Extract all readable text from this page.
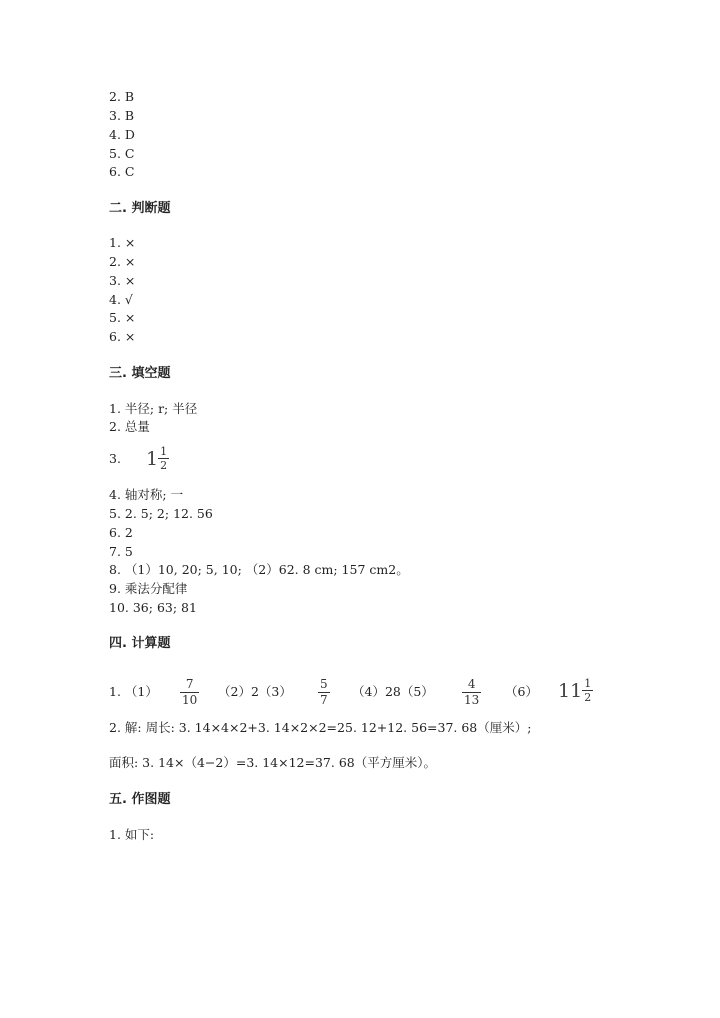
2. B
3. B
4. D
5. C
6. C
二. 判断题
1. ×
2. ×
3. ×
4. √
5. ×
6. ×
三. 填空题
1. 半径; r; 半径
2. 总量
3. $1 \frac{1}{2}$
4. 轴对称; 一
5. 2. 5; 2; 12. 56
6. 2
7. 5
8. （1）10, 20; 5, 10; （2）62. 8 cm; 157 cm2。
9. 乘法分配律
10. 36; 63; 81
四. 计算题
1. （1） 7
10
（2）2（3） 5
7
（4）28（5）	4
13
（6） $11 \frac{1}{2}$
2. 解: 周长: 3. 14×4×2+3. 14×2×2=25. 12+12. 56=37. 68（厘米）;
面积: 3. 14×（4−2）=3. 14×12=37. 68（平方厘米）。
五. 作图题
1. 如下:
